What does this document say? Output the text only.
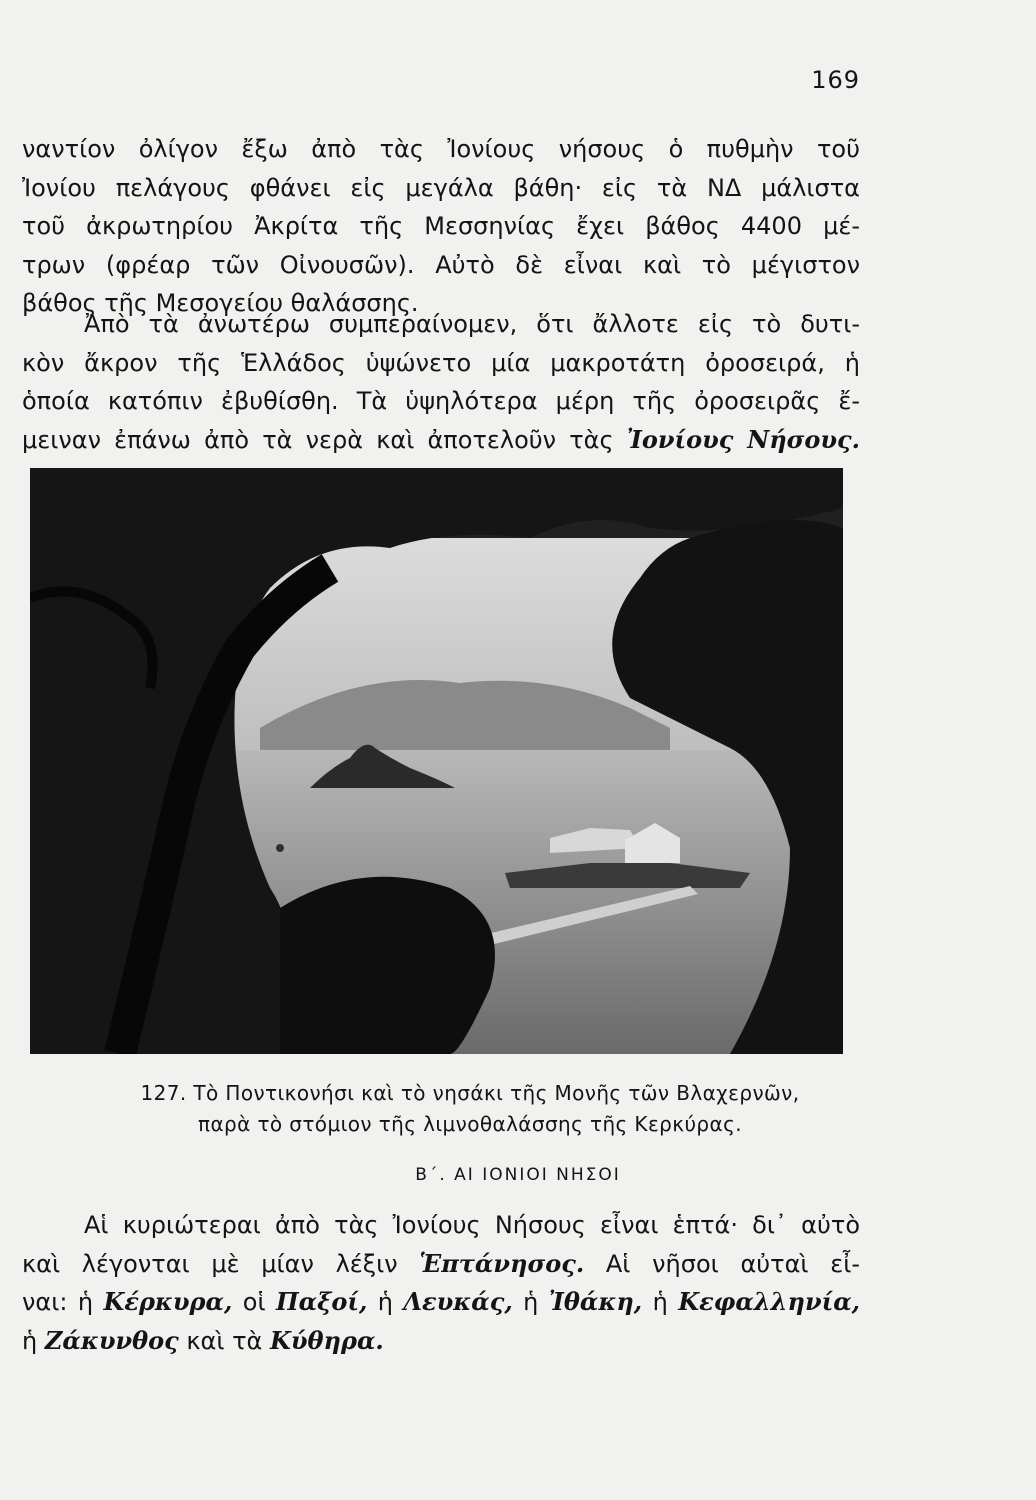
169
ναντίον ὀλίγον ἔξω ἀπὸ τὰς Ἰονίους νήσους ὁ πυθμὴν τοῦ
Ἰονίου πελάγους φθάνει εἰς μεγάλα βάθη· εἰς τὰ ΝΔ μάλιστα
τοῦ ἀκρωτηρίου Ἀκρίτα τῆς Μεσσηνίας ἔχει βάθος 4400 μέ-
τρων (φρέαρ τῶν Οἰνουσῶν). Αὐτὸ δὲ εἶναι καὶ τὸ μέγιστον
βάθος τῆς Μεσογείου θαλάσσης.
Ἀπὸ τὰ ἀνωτέρω συμπεραίνομεν, ὅτι ἄλλοτε εἰς τὸ δυτι-
κὸν ἄκρον τῆς Ἑλλάδος ὑψώνετο μία μακροτάτη ὀροσειρά, ἡ
ὁποία κατόπιν ἐβυθίσθη. Τὰ ὑψηλότερα μέρη τῆς ὀροσειρᾶς ἔ-
μειναν ἐπάνω ἀπὸ τὰ νερὰ καὶ ἀποτελοῦν τὰς Ἰονίους Νήσους.
127. Τὸ Ποντικονήσι καὶ τὸ νησάκι τῆς Μονῆς τῶν Βλαχερνῶν,
παρὰ τὸ στόμιον τῆς λιμνοθαλάσσης τῆς Κερκύρας.
Β΄. ΑΙ ΙΟΝΙΟΙ ΝΗΣΟΙ
Αἱ κυριώτεραι ἀπὸ τὰς Ἰονίους Νήσους εἶναι ἑπτά· δι᾽ αὐτὸ
καὶ λέγονται μὲ μίαν λέξιν Ἑπτάνησος. Αἱ νῆσοι αὐταὶ εἶ-
ναι: ἡ Κέρκυρα, οἱ Παξοί, ἡ Λευκάς, ἡ Ἰθάκη, ἡ Κεφαλληνία,
ἡ Ζάκυνθος καὶ τὰ Κύθηρα.
